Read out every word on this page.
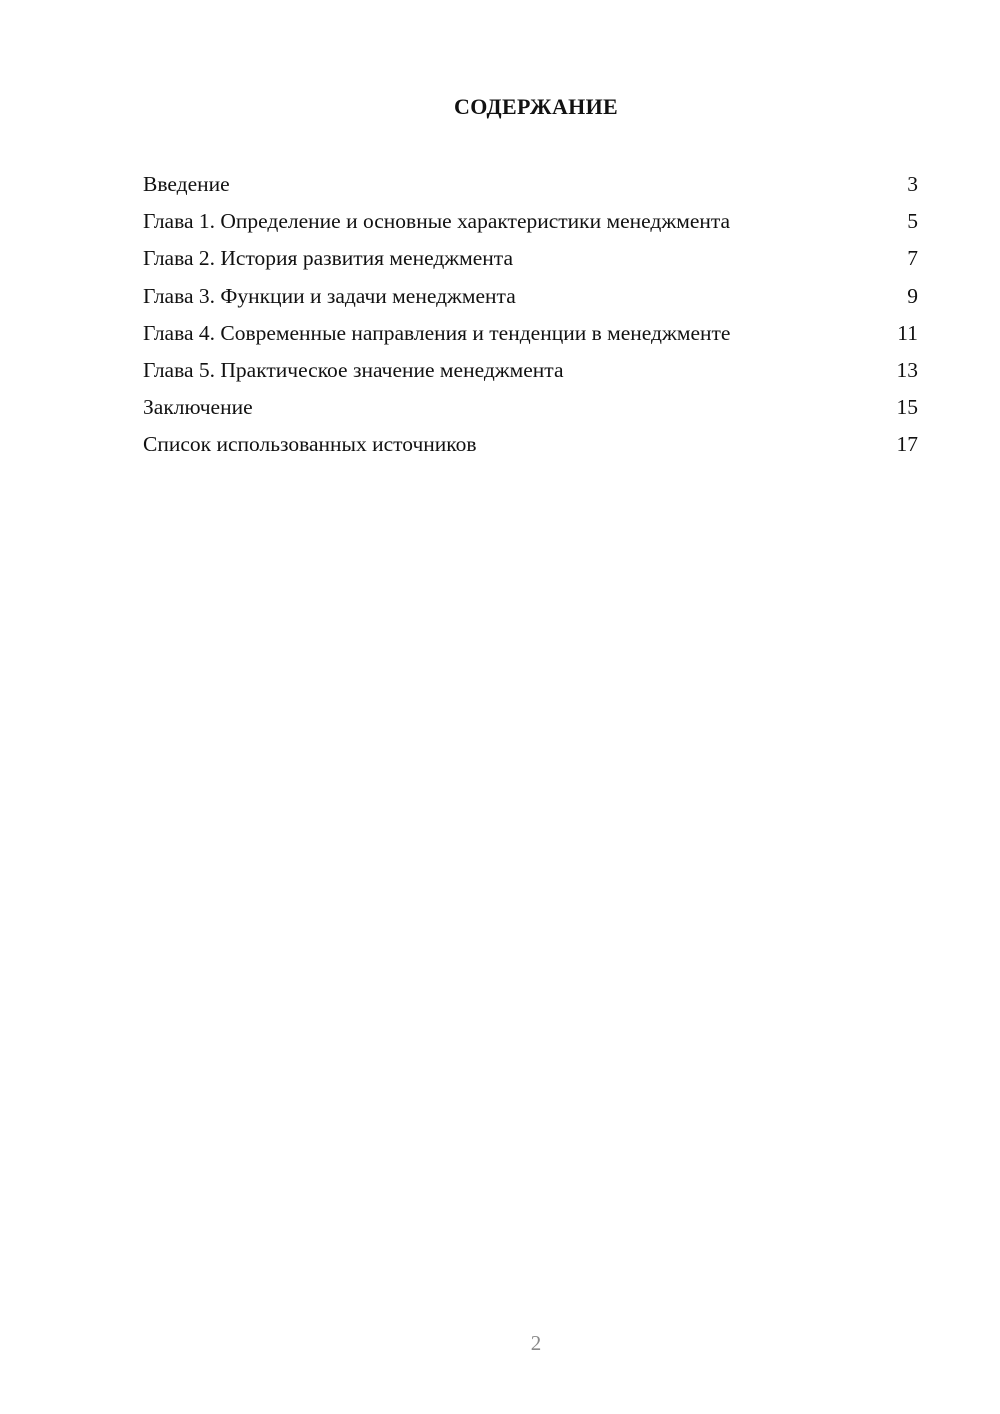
СОДЕРЖАНИЕ
Введение	3
Глава 1. Определение и основные характеристики менеджмента	5
Глава 2. История развития менеджмента	7
Глава 3. Функции и задачи менеджмента	9
Глава 4. Современные направления и тенденции в менеджменте	11
Глава 5. Практическое значение менеджмента	13
Заключение	15
Список использованных источников	17
2
